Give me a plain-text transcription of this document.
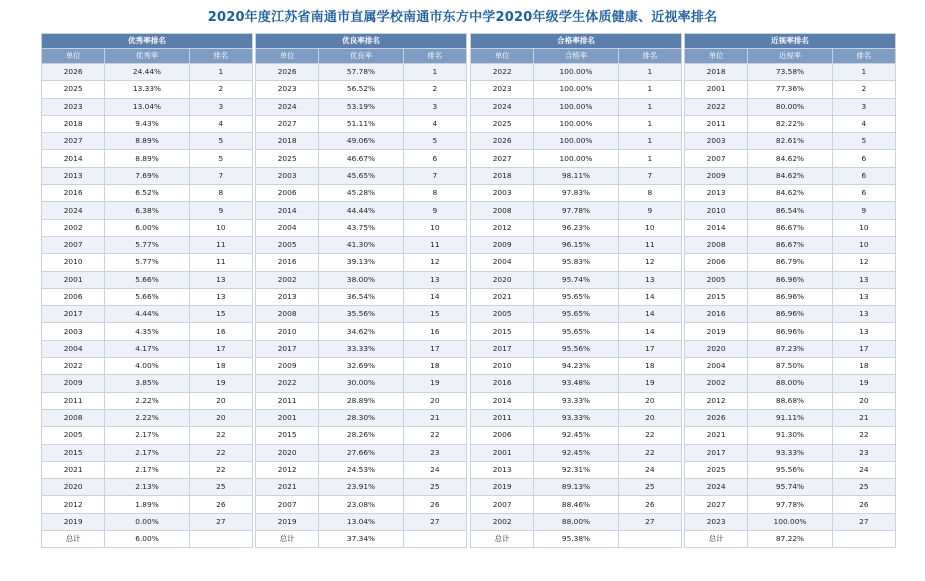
2020年度江苏省南通市直属学校南通市东方中学2020年级学生体质健康、近视率排名
优秀率排名		
单位	优秀率	排名
2026	24.44%	1
2025	13.33%	2
2023	13.04%	3
2018	9.43%	4
2027	8.89%	5
2014	8.89%	5
2013	7.69%	7
2016	6.52%	8
2024	6.38%	9
2002	6.00%	10
2007	5.77%	11
2010	5.77%	11
2001	5.66%	13
2006	5.66%	13
2017	4.44%	15
2003	4.35%	16
2004	4.17%	17
2022	4.00%	18
2009	3.85%	19
2011	2.22%	20
2008	2.22%	20
2005	2.17%	22
2015	2.17%	22
2021	2.17%	22
2020	2.13%	25
2012	1.89%	26
2019	0.00%	27
总计	6.00%	
优良率排名		
单位	优良率	排名
2026	57.78%	1
2023	56.52%	2
2024	53.19%	3
2027	51.11%	4
2018	49.06%	5
2025	46.67%	6
2003	45.65%	7
2006	45.28%	8
2014	44.44%	9
2004	43.75%	10
2005	41.30%	11
2016	39.13%	12
2002	38.00%	13
2013	36.54%	14
2008	35.56%	15
2010	34.62%	16
2017	33.33%	17
2009	32.69%	18
2022	30.00%	19
2011	28.89%	20
2001	28.30%	21
2015	28.26%	22
2020	27.66%	23
2012	24.53%	24
2021	23.91%	25
2007	23.08%	26
2019	13.04%	27
总计	37.34%	
合格率排名		
单位	合格率	排名
2022	100.00%	1
2023	100.00%	1
2024	100.00%	1
2025	100.00%	1
2026	100.00%	1
2027	100.00%	1
2018	98.11%	7
2003	97.83%	8
2008	97.78%	9
2012	96.23%	10
2009	96.15%	11
2004	95.83%	12
2020	95.74%	13
2021	95.65%	14
2005	95.65%	14
2015	95.65%	14
2017	95.56%	17
2010	94.23%	18
2016	93.48%	19
2014	93.33%	20
2011	93.33%	20
2006	92.45%	22
2001	92.45%	22
2013	92.31%	24
2019	89.13%	25
2007	88.46%	26
2002	88.00%	27
总计	95.38%	
近视率排名		
单位	近视率	排名
2018	73.58%	1
2001	77.36%	2
2022	80.00%	3
2011	82.22%	4
2003	82.61%	5
2007	84.62%	6
2009	84.62%	6
2013	84.62%	6
2010	86.54%	9
2014	86.67%	10
2008	86.67%	10
2006	86.79%	12
2005	86.96%	13
2015	86.96%	13
2016	86.96%	13
2019	86.96%	13
2020	87.23%	17
2004	87.50%	18
2002	88.00%	19
2012	88.68%	20
2026	91.11%	21
2021	91.30%	22
2017	93.33%	23
2025	95.56%	24
2024	95.74%	25
2027	97.78%	26
2023	100.00%	27
总计	87.22%	
